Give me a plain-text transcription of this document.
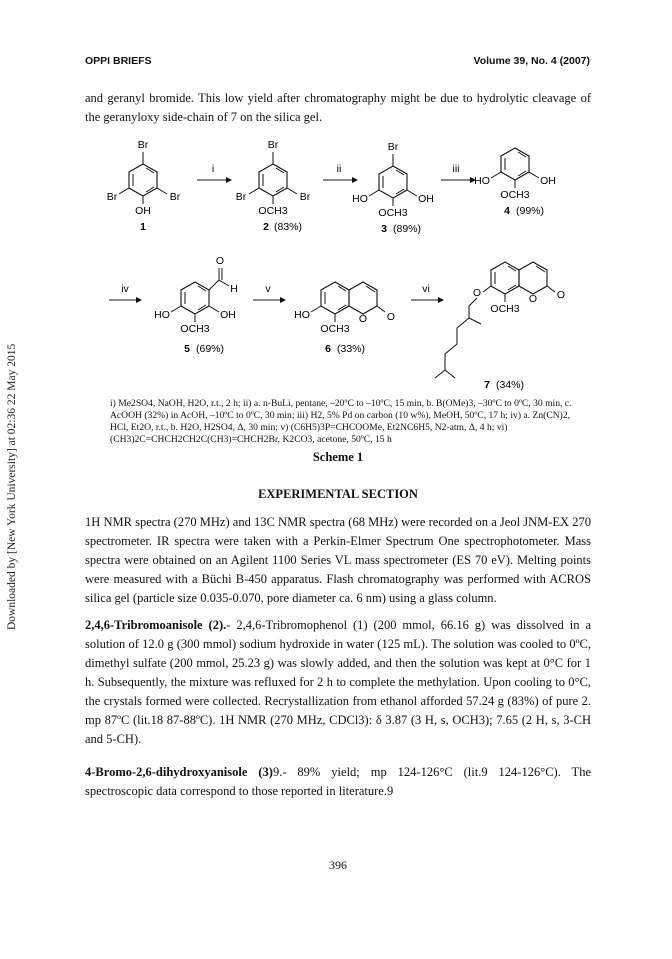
OPPI BRIEFS	Volume 39, No. 4 (2007)
Downloaded by [New York University] at 02:36 22 May 2015
and geranyl bromide. This low yield after chromatography might be due to hydrolytic cleavage of the geranyloxy side-chain of 7 on the silica gel.
Br
Br
Br
OH
1
i
Br
Br
Br
OCH3
2 (83%)
ii
Br
OH
HO
OCH3
3 (89%)
iii
OH
HO
OCH3
4 (99%)
iv
O
H
OH
HO
OCH3
5 (69%)
v
O O
HO
OCH3
6 (33%)
vi
O O
O
OCH3
7 (34%)
i) Me2SO4, NaOH, H2O, r.t., 2 h; ii) a. n-BuLi, pentane, –20ºC to –10ºC, 15 min, b. B(OMe)3, –30ºC to 0ºC, 30 min, c. AcOOH (32%) in AcOH, –10ºC to 0ºC, 30 min; iii) H2, 5% Pd on carbon (10 w%), MeOH, 50ºC, 17 h; iv) a. Zn(CN)2, HCl, Et2O, r.t., b. H2O, H2SO4, Δ, 30 min; v) (C6H5)3P=CHCOOMe, Et2NC6H5, N2-atm, Δ, 4 h; vi) (CH3)2C=CHCH2CH2C(CH3)=CHCH2Br, K2CO3, acetone, 50ºC, 15 h
Scheme 1
EXPERIMENTAL SECTION
1H NMR spectra (270 MHz) and 13C NMR spectra (68 MHz) were recorded on a Jeol JNM-EX 270 spectrometer. IR spectra were taken with a Perkin-Elmer Spectrum One spectrophotometer. Mass spectra were obtained on an Agilent 1100 Series VL mass spectrometer (ES 70 eV). Melting points were measured with a Büchi B-450 apparatus. Flash chromatography was performed with ACROS silica gel (particle size 0.035-0.070, pore diameter ca. 6 nm) using a glass column.
2,4,6-Tribromoanisole (2).- 2,4,6-Tribromophenol (1) (200 mmol, 66.16 g) was dissolved in a solution of 12.0 g (300 mmol) sodium hydroxide in water (125 mL). The solution was cooled to 0ºC, dimethyl sulfate (200 mmol, 25.23 g) was slowly added, and then the solution was kept at 0°C for 1 h. Subsequently, the mixture was refluxed for 2 h to complete the methylation. Upon cooling to 0°C, the crystals formed were collected. Recrystallization from ethanol afforded 57.24 g (83%) of pure 2. mp 87ºC (lit.18 87-88ºC). 1H NMR (270 MHz, CDCl3): δ 3.87 (3 H, s, OCH3); 7.65 (2 H, s, 3-CH and 5-CH).
4-Bromo-2,6-dihydroxyanisole (3)9.- 89% yield; mp 124-126°C (lit.9 124-126°C). The spectroscopic data correspond to those reported in literature.9
396
